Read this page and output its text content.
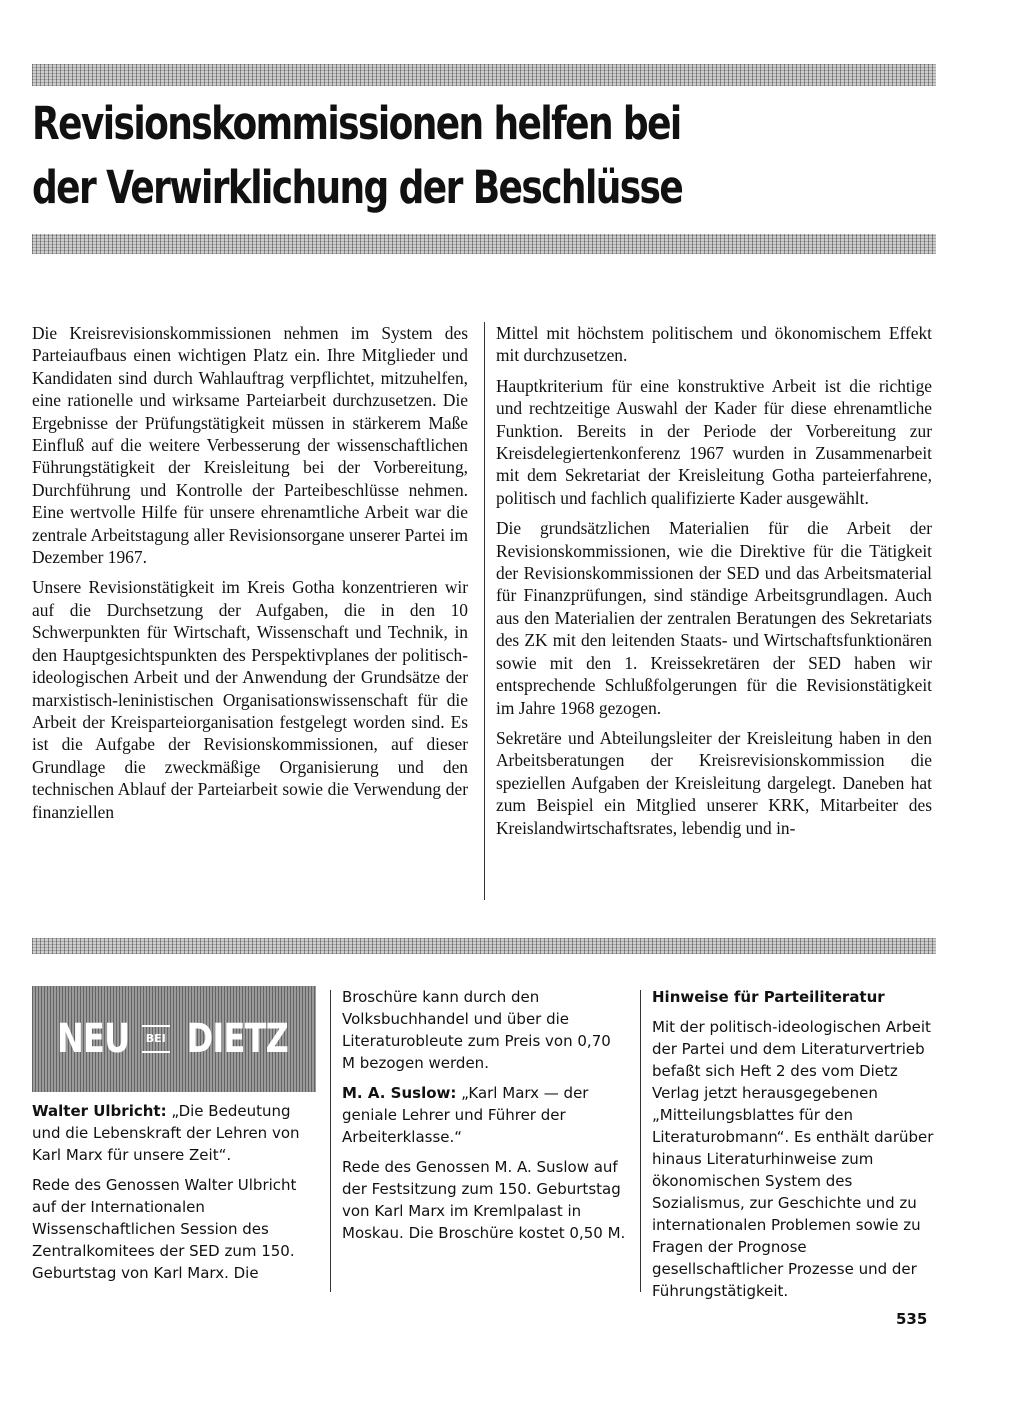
Revisionskommissionen helfen bei
der Verwirklichung der Beschlüsse

Die Kreisrevisionskommissionen nehmen im System des Parteiaufbaus einen wichtigen Platz ein. Ihre Mitglieder und Kandidaten sind durch Wahlauftrag verpflichtet, mitzuhelfen, eine rationelle und wirksame Parteiarbeit durchzusetzen. Die Ergebnisse der Prüfungstätigkeit müssen in stärkerem Maße Einfluß auf die weitere Verbesserung der wissenschaftlichen Führungstätigkeit der Kreisleitung bei der Vorbereitung, Durchführung und Kontrolle der Parteibeschlüsse nehmen. Eine wertvolle Hilfe für unsere ehrenamtliche Arbeit war die zentrale Arbeitstagung aller Revisionsorgane unserer Partei im Dezember 1967.

Unsere Revisionstätigkeit im Kreis Gotha konzentrieren wir auf die Durchsetzung der Aufgaben, die in den 10 Schwerpunkten für Wirtschaft, Wissenschaft und Technik, in den Hauptgesichtspunkten des Perspektivplanes der politisch-ideologischen Arbeit und der Anwendung der Grundsätze der marxistisch-leninistischen Organisationswissenschaft für die Arbeit der Kreisparteiorganisation festgelegt worden sind. Es ist die Aufgabe der Revisionskommissionen, auf dieser Grundlage die zweckmäßige Organisierung und den technischen Ablauf der Parteiarbeit sowie die Verwendung der finanziellen

Mittel mit höchstem politischem und ökonomischem Effekt mit durchzusetzen.

Hauptkriterium für eine konstruktive Arbeit ist die richtige und rechtzeitige Auswahl der Kader für diese ehrenamtliche Funktion. Bereits in der Periode der Vorbereitung zur Kreisdelegiertenkonferenz 1967 wurden in Zusammenarbeit mit dem Sekretariat der Kreisleitung Gotha parteierfahrene, politisch und fachlich qualifizierte Kader ausgewählt.

Die grundsätzlichen Materialien für die Arbeit der Revisionskommissionen, wie die Direktive für die Tätigkeit der Revisionskommissionen der SED und das Arbeitsmaterial für Finanzprüfungen, sind ständige Arbeitsgrundlagen. Auch aus den Materialien der zentralen Beratungen des Sekretariats des ZK mit den leitenden Staats- und Wirtschaftsfunktionären sowie mit den 1. Kreissekretären der SED haben wir entsprechende Schlußfolgerungen für die Revisionstätigkeit im Jahre 1968 gezogen.

Sekretäre und Abteilungsleiter der Kreisleitung haben in den Arbeitsberatungen der Kreisrevisionskommission die speziellen Aufgaben der Kreisleitung dargelegt. Daneben hat zum Beispiel ein Mitglied unserer KRK, Mitarbeiter des Kreislandwirtschaftsrates, lebendig und in-

NEU	BEI DIETZ

Walter Ulbricht: „Die Bedeutung und die Lebenskraft der Lehren von Karl Marx für unsere Zeit“.

Rede des Genossen Walter Ulbricht auf der Internationalen Wissenschaftlichen Session des Zentralkomitees der SED zum 150. Geburtstag von Karl Marx. Die

Broschüre kann durch den Volksbuchhandel und über die Literaturobleute zum Preis von 0,70 M bezogen werden.

M. A. Suslow: „Karl Marx — der geniale Lehrer und Führer der Arbeiterklasse.“

Rede des Genossen M. A. Suslow auf der Festsitzung zum 150. Geburtstag von Karl Marx im Kremlpalast in Moskau. Die Broschüre kostet 0,50 M.

Hinweise für Parteiliteratur

Mit der politisch-ideologischen Arbeit der Partei und dem Literaturvertrieb befaßt sich Heft 2 des vom Dietz Verlag jetzt herausgegebenen „Mitteilungsblattes für den Literaturobmann“. Es enthält darüber hinaus Literaturhinweise zum ökonomischen System des Sozialismus, zur Geschichte und zu internationalen Problemen sowie zu Fragen der Prognose gesellschaftlicher Prozesse und der Führungstätigkeit.

535
